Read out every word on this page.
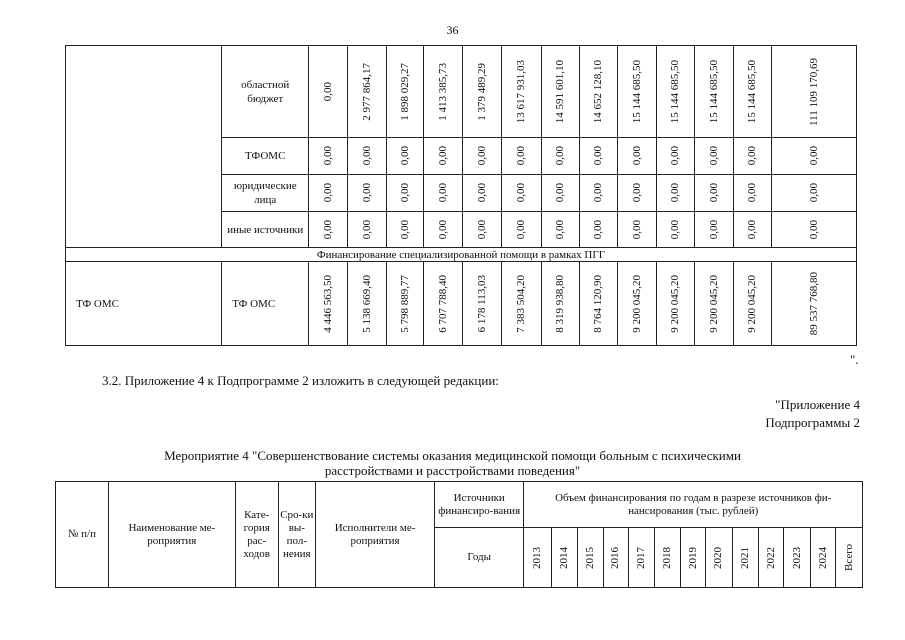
36
	областной бюджет	0,00	2 977 864,17	1 898 029,27	1 413 385,73	1 379 489,29	13 617 931,03	14 591 601,10	14 652 128,10	15 144 685,50	15 144 685,50	15 144 685,50	15 144 685,50	111 109 170,69

	ТФОМС	0,00	0,00	0,00	0,00	0,00	0,00	0,00	0,00	0,00	0,00	0,00	0,00	0,00

	юридические лица	0,00	0,00	0,00	0,00	0,00	0,00	0,00	0,00	0,00	0,00	0,00	0,00	0,00

	иные источники	0,00	0,00	0,00	0,00	0,00	0,00	0,00	0,00	0,00	0,00	0,00	0,00	0,00

Финансирование специализированной помощи в рамках ПГГ														
ТФ ОМС	ТФ ОМС	4 446 563,50	5 138 669,40	5 798 889,77	6 707 788,40	6 178 113,03	7 383 504,20	8 319 938,80	8 764 120,90	9 200 045,20	9 200 045,20	9 200 045,20	9 200 045,20	89 537 768,80
".
3.2. Приложение 4 к Подпрограмме 2 изложить в следующей редакции:
"Приложение 4
Подпрограммы 2
Мероприятие 4 "Совершенствование системы оказания медицинской помощи больным с психическими
расстройствами и расстройствами поведения"
№ п/п	Наименование ме-роприятия	Кате-гория рас-ходов	Сро-ки вы-пол-нения	Исполнители ме-роприятия	Источники финансиро-вания	Объем финансирования по годам в разрезе источников фи-нансирования (тыс. рублей)												
					Годы	2013	2014	2015	2016	2017	2018	2019	2020	2021	2022	2023	2024	Всего
